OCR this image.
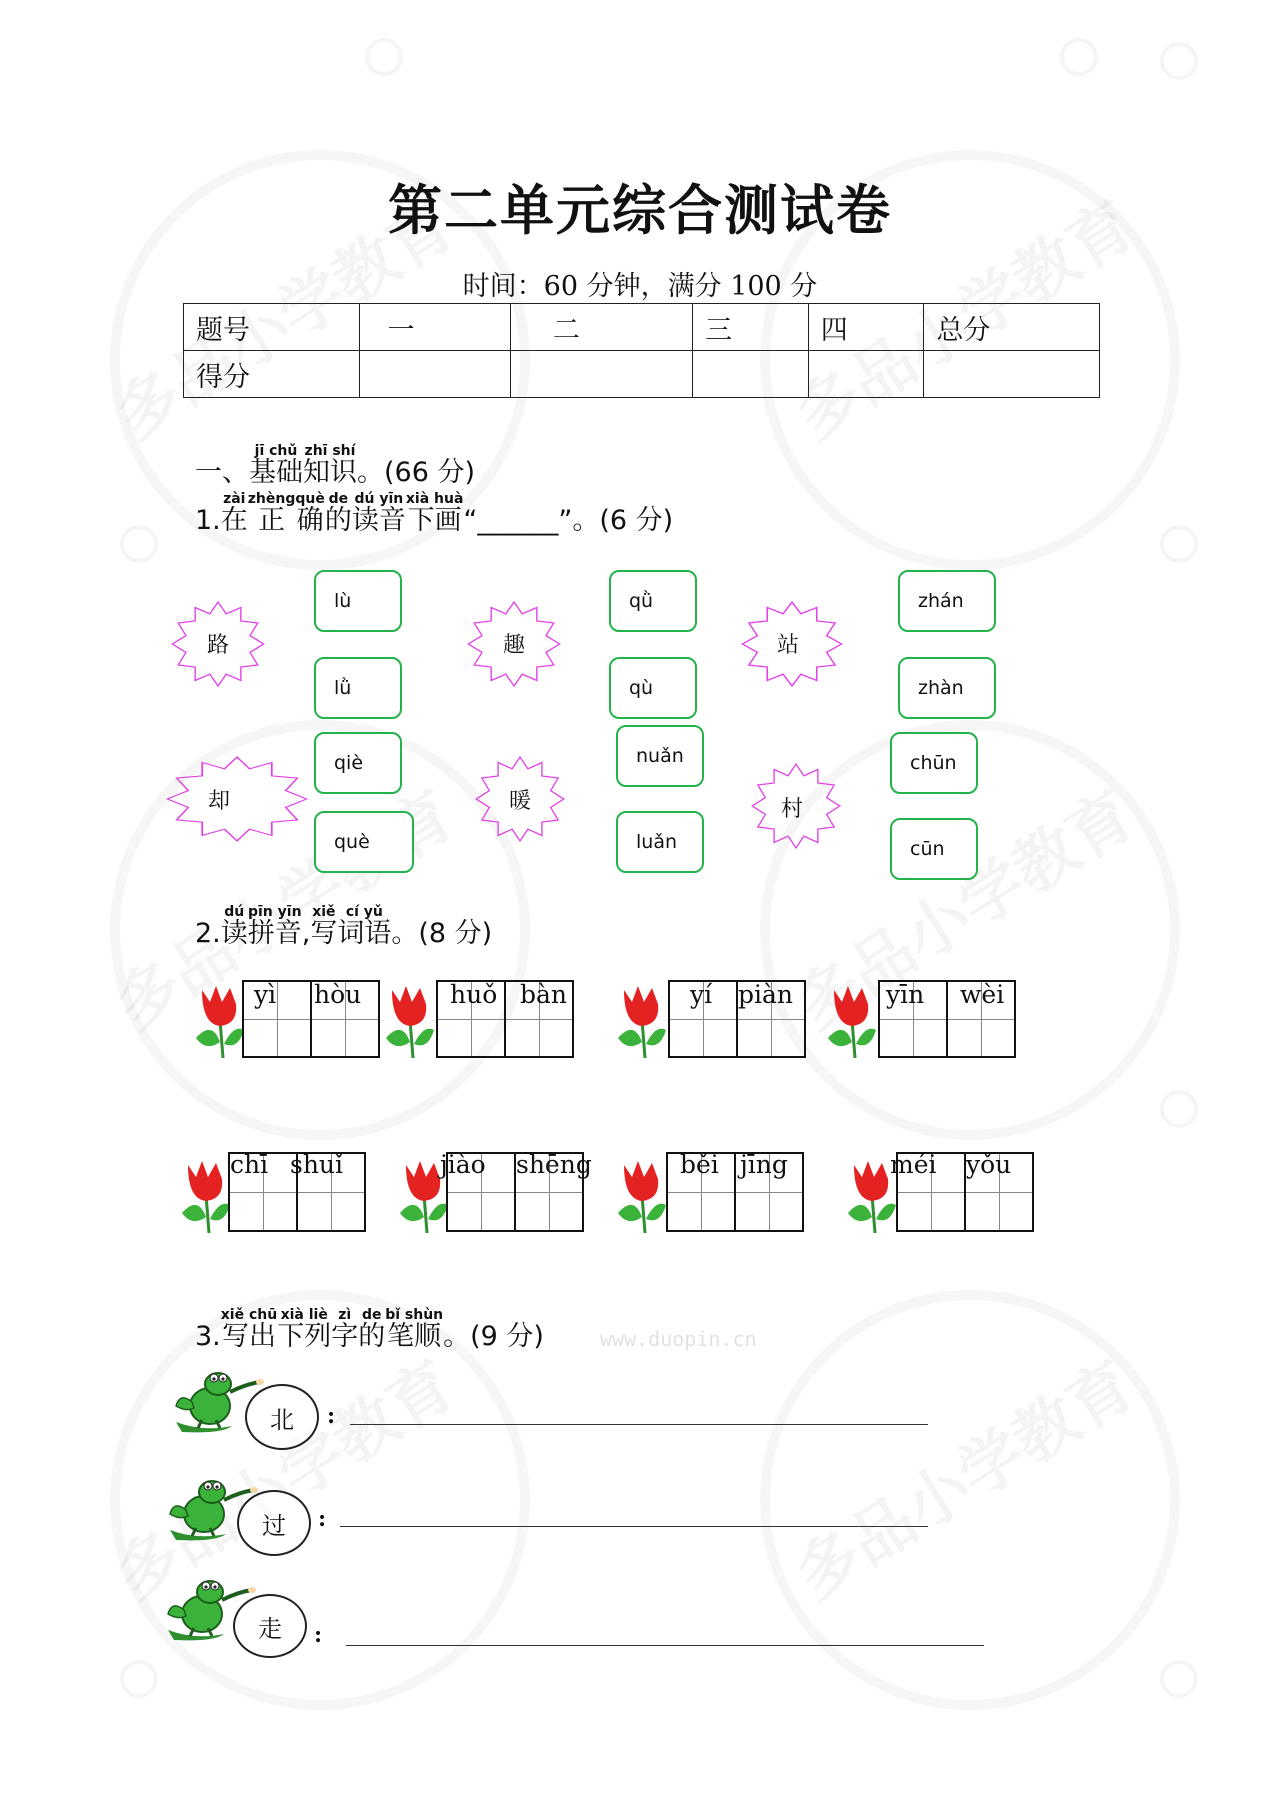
www.duopin.cn
第二单元综合测试卷
时间：60 分钟，满分 100 分
题号	一	二	三	四	总分
得分					
一、
jī chǔ
基础
zhī shí
知识 。(66 分)
1.
zài
在
zhèng
正
què
确
de
的
dú yīn
读音
xià huà
下画 “______”。(6 分)
路
lù
lǜ
趣
qǜ
qù
站
zhán
zhàn
却
qiè
què
暖
nuǎn
luǎn
村
chūn
cūn
2.
dú
读
pīn yīn
拼音 ,
xiě
写
cí yǔ
词语 。(8 分)
yì hòu	huǒ bàn	yí piàn	yīn wèi
chī shuǐ	jiào shēng	běi jīng	méi yǒu
3.
xiě chū
写出
xià liè
下列
zì
字
de
的
bǐ shùn
笔顺 。(9 分)
北	:
过	:
走	:
